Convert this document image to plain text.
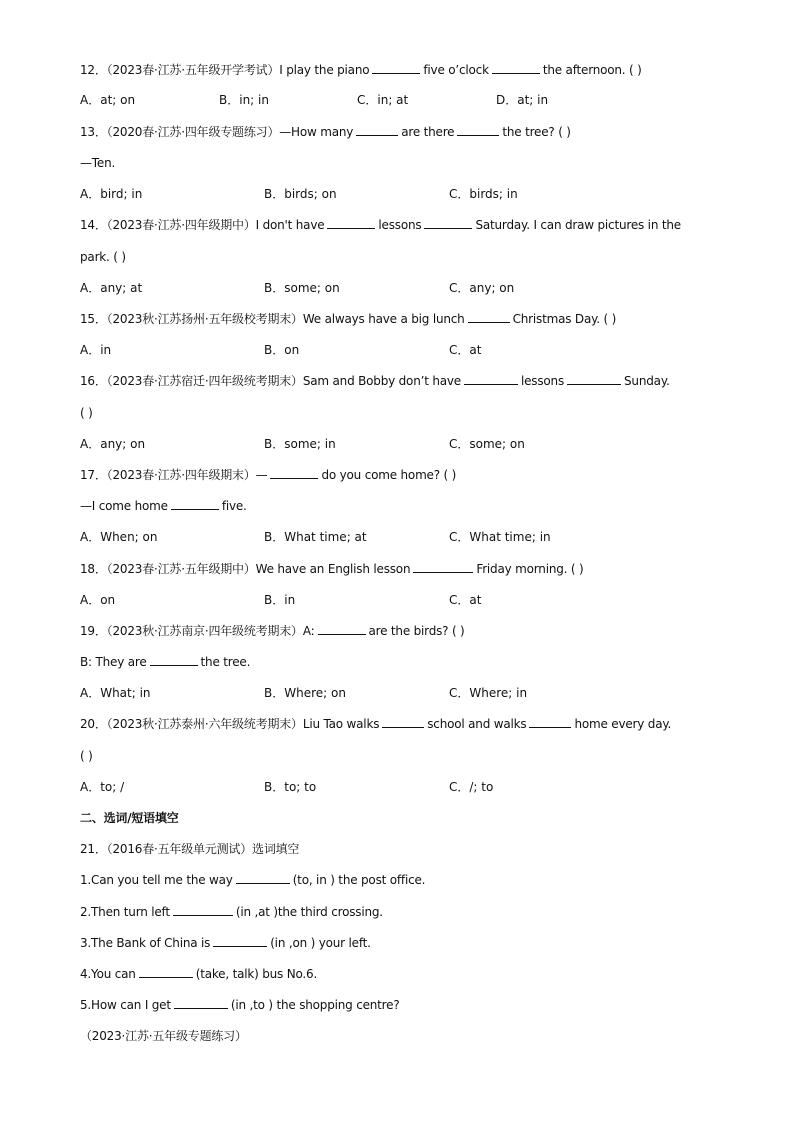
12．（2023春·江苏·五年级开学考试）I play the piano	five o’clock	the afternoon. ( )
A．at; on	B．in; in	C．in; at	D．at; in
13．（2020春·江苏·四年级专题练习）—How many	are there	the tree? ( )
—Ten.
A．bird; in	B．birds; on	C．birds; in
14．（2023春·江苏·四年级期中）I don't have	lessons	Saturday. I can draw pictures in the
park. ( )
A．any; at	B．some; on	C．any; on
15．（2023秋·江苏扬州·五年级校考期末）We always have a big lunch	Christmas Day. ( )
A．in	B．on	C．at
16．（2023春·江苏宿迁·四年级统考期末）Sam and Bobby don’t have	lessons	Sunday.
( )
A．any; on	B．some; in	C．some; on
17．（2023春·江苏·四年级期末）—	do you come home? ( )
—I come home	five.
A．When; on	B．What time; at	C．What time; in
18．（2023春·江苏·五年级期中）We have an English lesson	Friday morning. ( )
A．on	B．in	C．at
19．（2023秋·江苏南京·四年级统考期末）A:	are the birds? ( )
B: They are	the tree.
A．What; in	B．Where; on	C．Where; in
20．（2023秋·江苏泰州·六年级统考期末）Liu Tao walks	school and walks	home every day.
( )
A．to; /	B．to; to	C．/; to
二、选词/短语填空
21．（2016春·五年级单元测试）选词填空
1.Can you tell me the way	(to, in ) the post office.
2.Then turn left	(in ,at )the third crossing.
3.The Bank of China is	(in ,on ) your left.
4.You can	(take, talk) bus No.6.
5.How can I get	(in ,to ) the shopping centre?
（2023·江苏·五年级专题练习）
